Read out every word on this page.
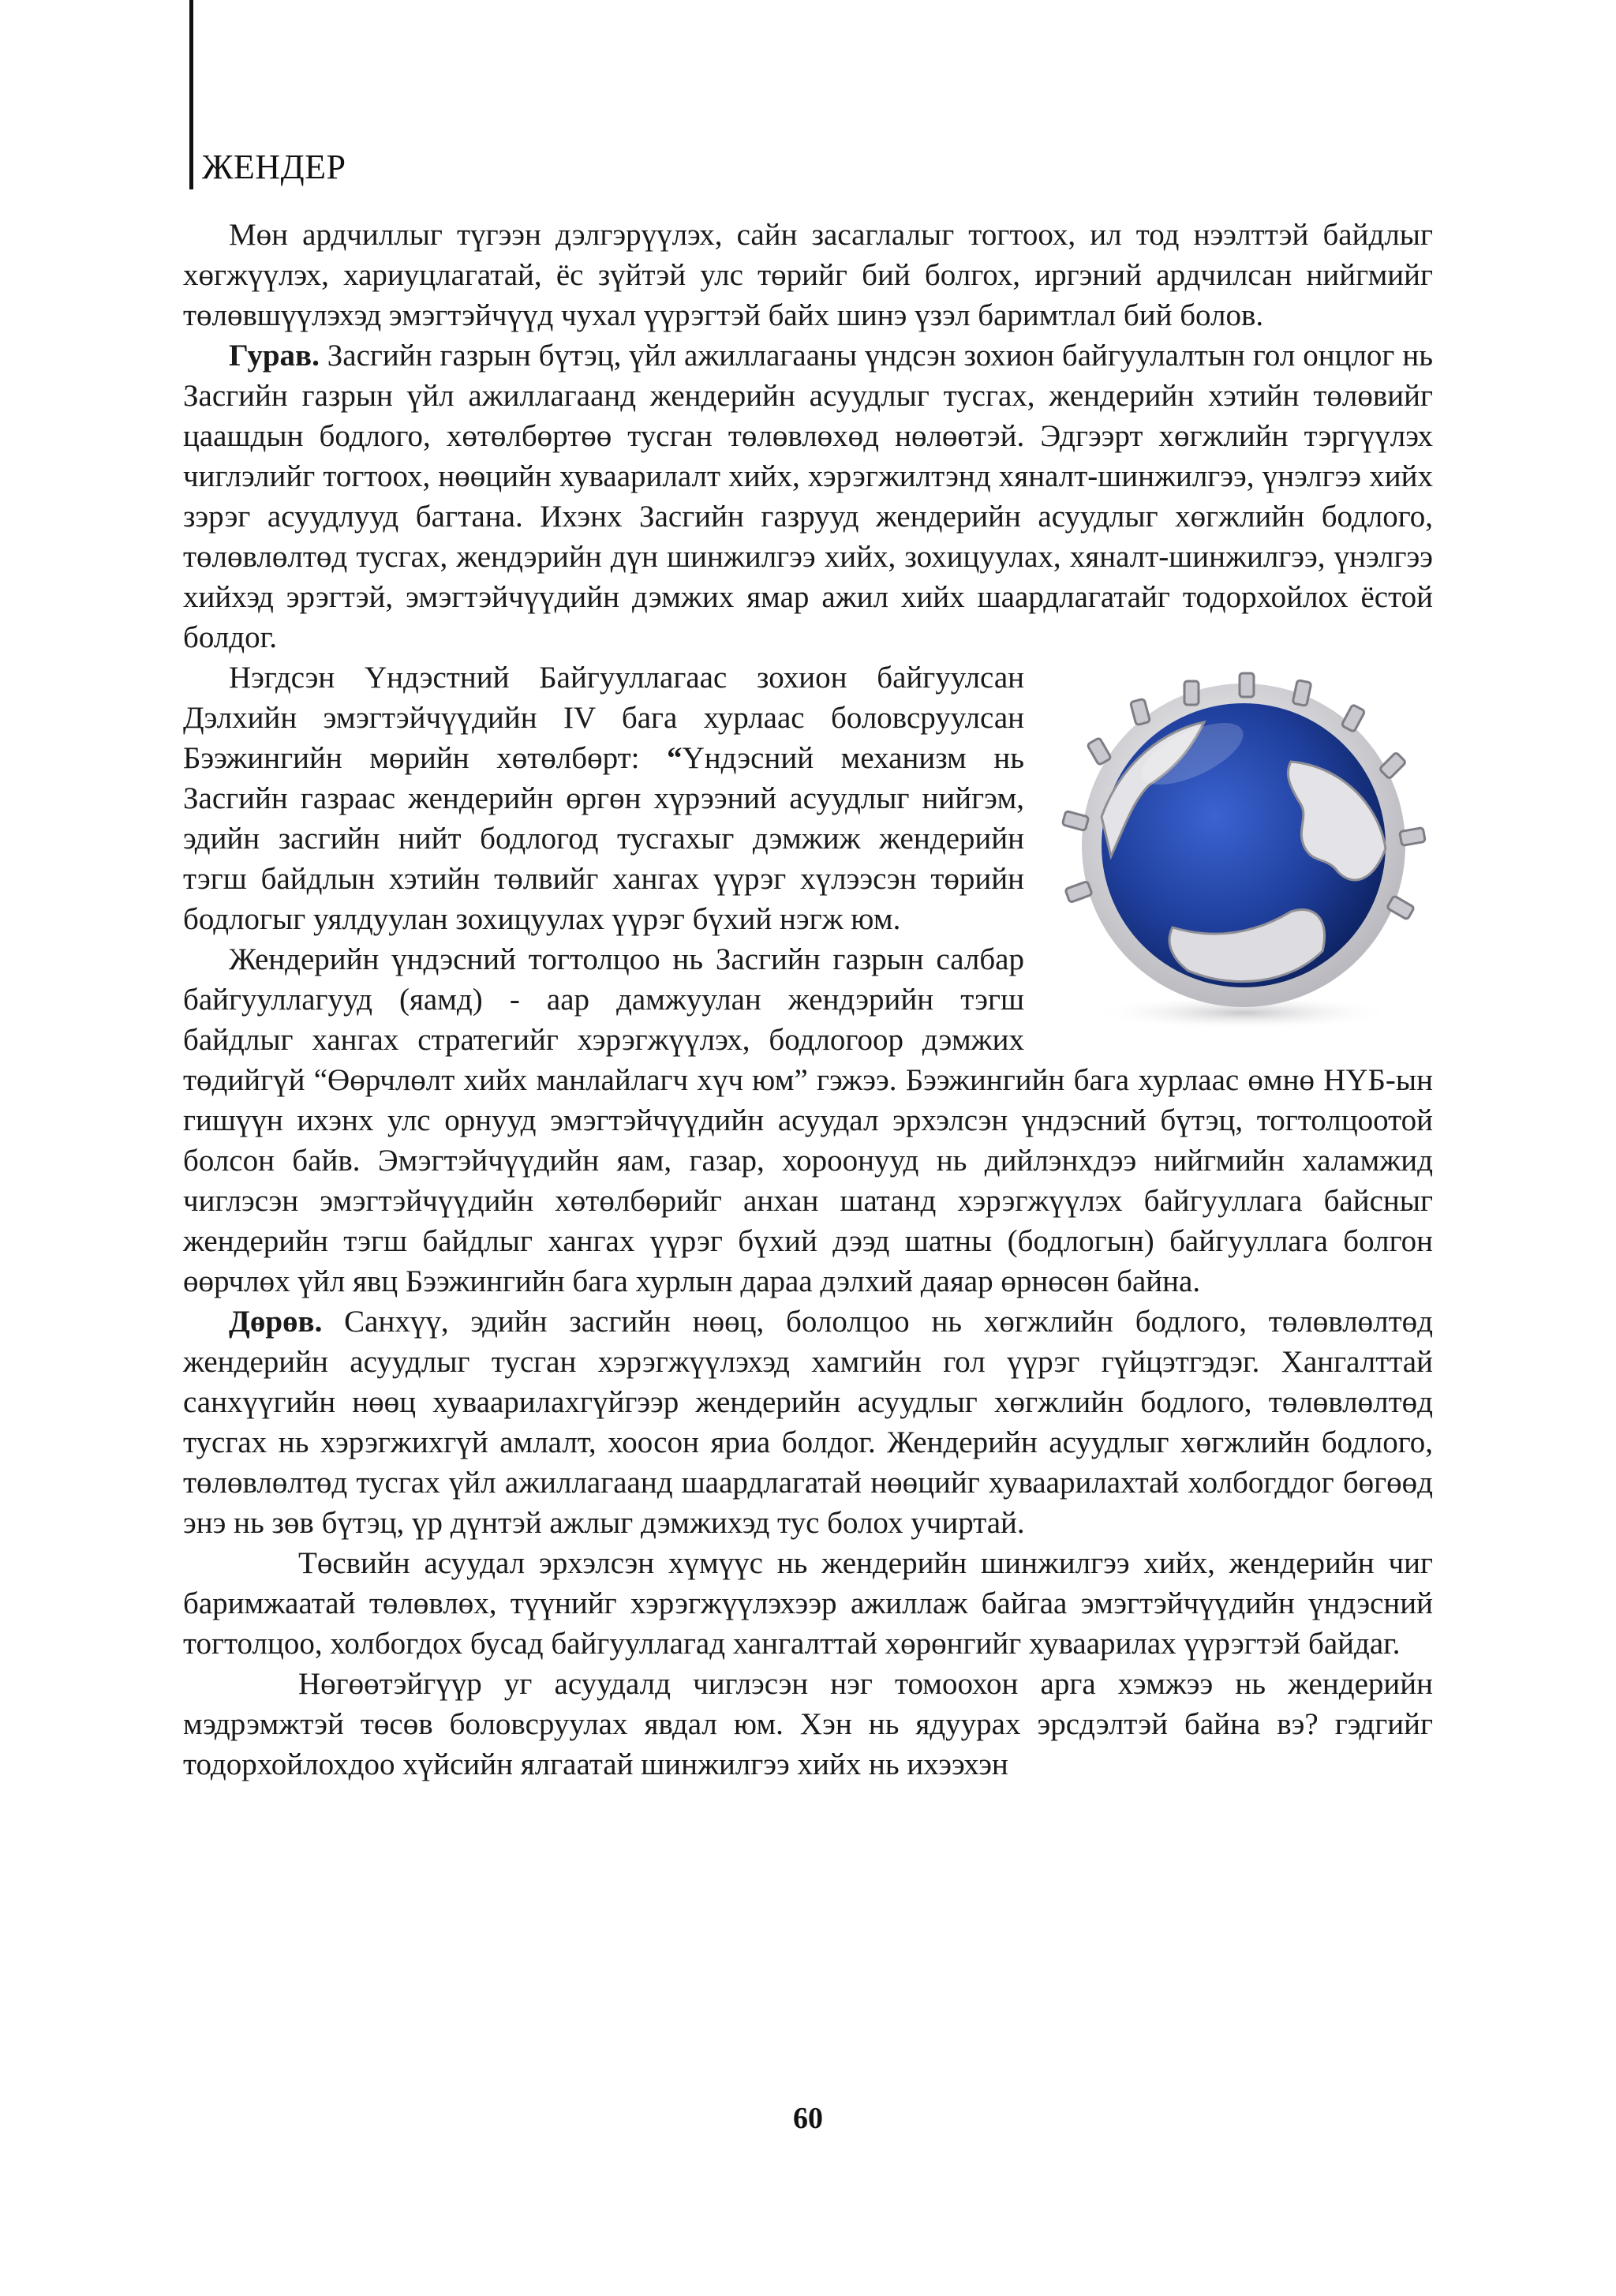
ЖЕНДЕР

Мөн ардчиллыг түгээн дэлгэрүүлэх, сайн засаглалыг тогтоох, ил тод нээлттэй байдлыг хөгжүүлэх, хариуцлагатай, ёс зүйтэй улс төрийг бий болгох, иргэний ардчилсан нийгмийг төлөвшүүлэхэд эмэгтэйчүүд чухал үүрэгтэй байх шинэ үзэл баримтлал бий болов.

Гурав. Засгийн газрын бүтэц, үйл ажиллагааны үндсэн зохион байгуулалтын гол онцлог нь Засгийн газрын үйл ажиллагаанд жендерийн асуудлыг тусгах, жендерийн хэтийн төлөвийг цаашдын бодлого, хөтөлбөртөө тусган төлөвлөхөд нөлөөтэй. Эдгээрт хөгжлийн тэргүүлэх чиглэлийг тогтоох, нөөцийн хуваарилалт хийх, хэрэгжилтэнд хяналт-шинжилгээ, үнэлгээ хийх зэрэг асуудлууд багтана. Ихэнх Засгийн газрууд жендерийн асуудлыг хөгжлийн бодлого, төлөвлөлтөд тусгах, жендэрийн дүн шинжилгээ хийх, зохицуулах, хяналт-шинжилгээ, үнэлгээ хийхэд эрэгтэй, эмэгтэйчүүдийн дэмжих ямар ажил хийх шаардлагатайг тодорхойлох ёстой болдог.

Нэгдсэн Үндэстний Байгууллагаас зохион байгуулсан Дэлхийн эмэгтэйчүүдийн IV бага хурлаас боловсруулсан Бээжингийн мөрийн хөтөлбөрт: “Үндэсний механизм нь Засгийн газраас жендерийн өргөн хүрээний асуудлыг нийгэм, эдийн засгийн нийт бодлогод тусгахыг дэмжиж жендерийн тэгш байдлын хэтийн төлвийг хангах үүрэг хүлээсэн төрийн бодлогыг уялдуулан зохицуулах үүрэг бүхий нэгж юм.

Жендерийн үндэсний тогтолцоо нь Засгийн газрын салбар байгууллагууд (яамд) - аар дамжуулан жендэрийн тэгш байдлыг хангах стратегийг хэрэгжүүлэх, бодлогоор дэмжих төдийгүй “Өөрчлөлт хийх манлайлагч хүч юм” гэжээ. Бээжингийн бага хурлаас өмнө НҮБ-ын гишүүн ихэнх улс орнууд эмэгтэйчүүдийн асуудал эрхэлсэн үндэсний бүтэц, тогтолцоотой болсон байв. Эмэгтэйчүүдийн яам, газар, хороонууд нь дийлэнхдээ нийгмийн халамжид чиглэсэн эмэгтэйчүүдийн хөтөлбөрийг анхан шатанд хэрэгжүүлэх байгууллага байсныг жендерийн тэгш байдлыг хангах үүрэг бүхий дээд шатны (бодлогын) байгууллага болгон өөрчлөх үйл явц Бээжингийн бага хурлын дараа дэлхий даяар өрнөсөн байна.

Дөрөв. Санхүү, эдийн засгийн нөөц, бололцоо нь хөгжлийн бодлого, төлөвлөлтөд жендерийн асуудлыг тусган хэрэгжүүлэхэд хамгийн гол үүрэг гүйцэтгэдэг. Хангалттай санхүүгийн нөөц хуваарилахгүйгээр жендерийн асуудлыг хөгжлийн бодлого, төлөвлөлтөд тусгах нь хэрэгжихгүй амлалт, хоосон яриа болдог. Жендерийн асуудлыг хөгжлийн бодлого, төлөвлөлтөд тусгах үйл ажиллагаанд шаардлагатай нөөцийг хуваарилахтай холбогддог бөгөөд энэ нь зөв бүтэц, үр дүнтэй ажлыг дэмжихэд тус болох учиртай.

Төсвийн асуудал эрхэлсэн хүмүүс нь жендерийн шинжилгээ хийх, жендерийн чиг баримжаатай төлөвлөх, түүнийг хэрэгжүүлэхээр ажиллаж байгаа эмэгтэйчүүдийн үндэсний тогтолцоо, холбогдох бусад байгууллагад хангалттай хөрөнгийг хуваарилах үүрэгтэй байдаг.

Нөгөөтэйгүүр уг асуудалд чиглэсэн нэг томоохон арга хэмжээ нь жендерийн мэдрэмжтэй төсөв боловсруулах явдал юм. Хэн нь ядуурах эрсдэлтэй байна вэ? гэдгийг тодорхойлохдоо хүйсийн ялгаатай шинжилгээ хийх нь ихээхэн

60
